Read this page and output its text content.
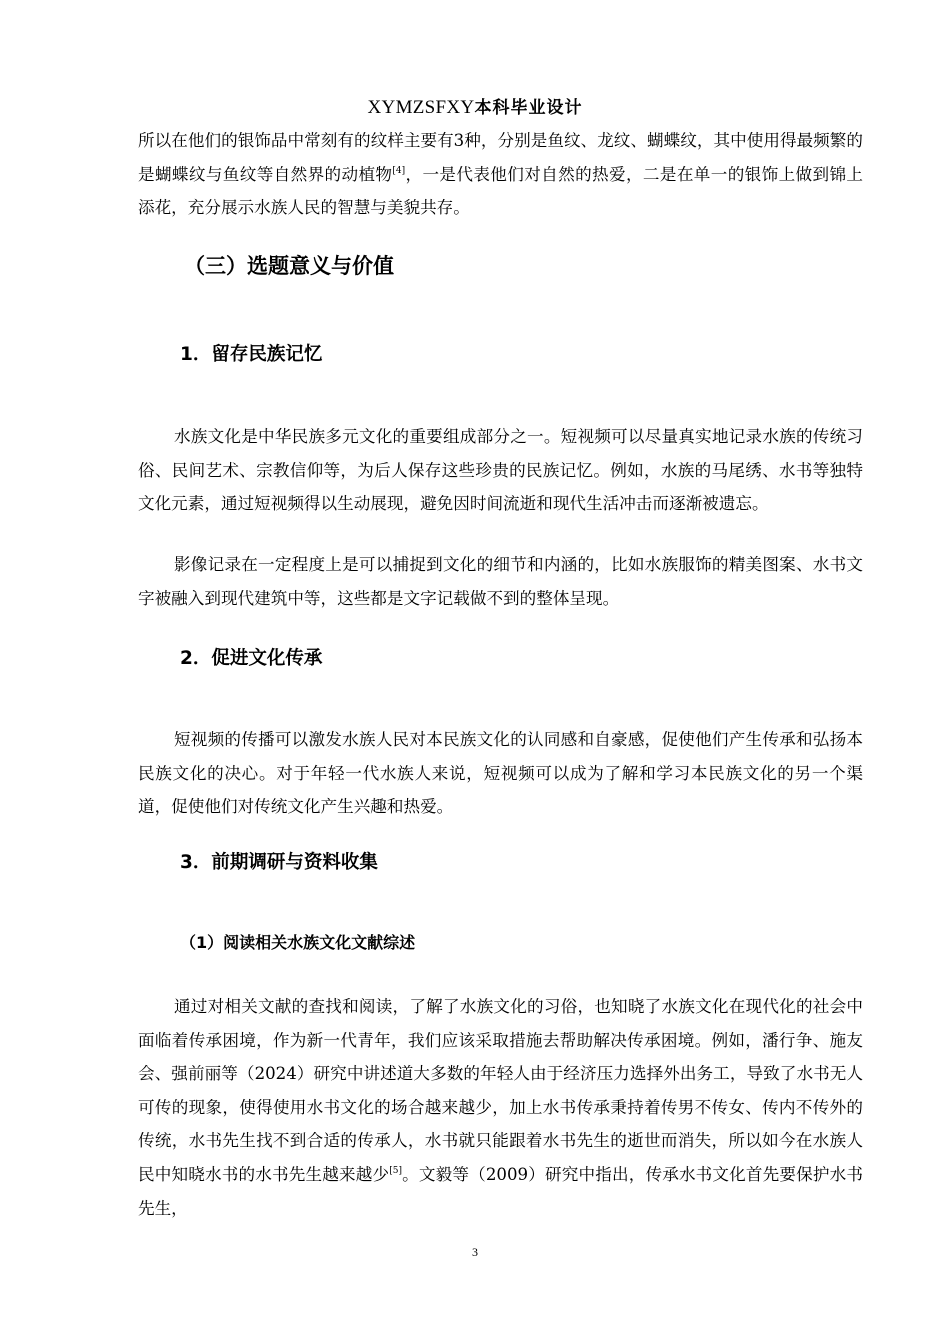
XYMZSFXY本科毕业设计

所以在他们的银饰品中常刻有的纹样主要有3种，分别是鱼纹、龙纹、蝴蝶纹，其中使用得最频繁的是蝴蝶纹与鱼纹等自然界的动植物[4]，一是代表他们对自然的热爱，二是在单一的银饰上做到锦上添花，充分展示水族人民的智慧与美貌共存。

（三）选题意义与价值
1．留存民族记忆

水族文化是中华民族多元文化的重要组成部分之一。短视频可以尽量真实地记录水族的传统习俗、民间艺术、宗教信仰等，为后人保存这些珍贵的民族记忆。例如，水族的马尾绣、水书等独特文化元素，通过短视频得以生动展现，避免因时间流逝和现代生活冲击而逐渐被遗忘。

影像记录在一定程度上是可以捕捉到文化的细节和内涵的，比如水族服饰的精美图案、水书文字被融入到现代建筑中等，这些都是文字记载做不到的整体呈现。

2．促进文化传承

短视频的传播可以激发水族人民对本民族文化的认同感和自豪感，促使他们产生传承和弘扬本民族文化的决心。对于年轻一代水族人来说，短视频可以成为了解和学习本民族文化的另一个渠道，促使他们对传统文化产生兴趣和热爱。

3．前期调研与资料收集
（1）阅读相关水族文化文献综述

通过对相关文献的查找和阅读，了解了水族文化的习俗，也知晓了水族文化在现代化的社会中面临着传承困境，作为新一代青年，我们应该采取措施去帮助解决传承困境。例如，潘行争、施友会、强前丽等（2024）研究中讲述道大多数的年轻人由于经济压力选择外出务工，导致了水书无人可传的现象，使得使用水书文化的场合越来越少，加上水书传承秉持着传男不传女、传内不传外的传统，水书先生找不到合适的传承人，水书就只能跟着水书先生的逝世而消失，所以如今在水族人民中知晓水书的水书先生越来越少[5]。文毅等（2009）研究中指出，传承水书文化首先要保护水书先生，

3
